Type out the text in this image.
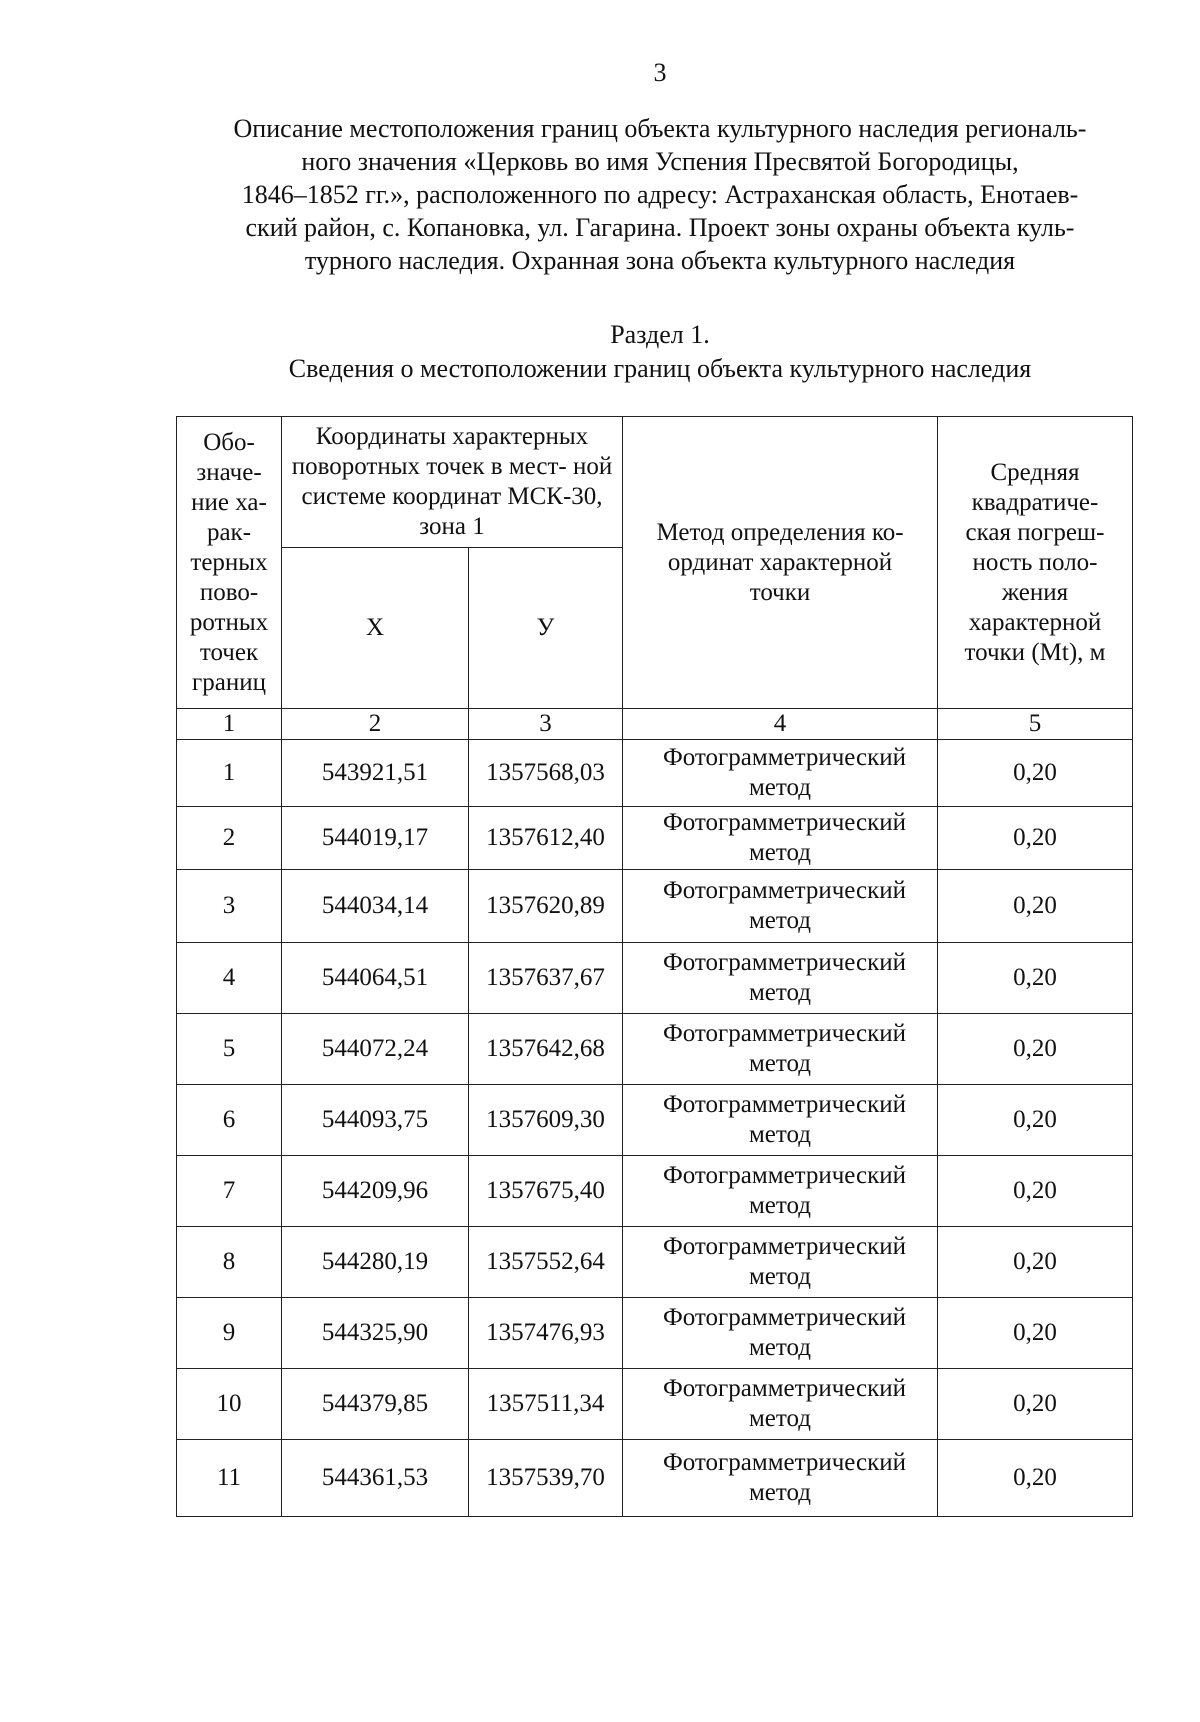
3
Описание местоположения границ объекта культурного наследия региональ-
ного значения «Церковь во имя Успения Пресвятой Богородицы,
1846–1852 гг.», расположенного по адресу: Астраханская область, Енотаев-
ский район, с. Копановка, ул. Гагарина. Проект зоны охраны объекта куль-
турного наследия. Охранная зона объекта культурного наследия
Раздел 1.
Сведения о местоположении границ объекта культурного наследия
Обо- значе- ние ха- рак- терных пово- ротных точек границ	Координаты характерных поворотных точек в мест- ной системе координат МСК-30, зона 1		Метод определения ко- ординат характерной точки	Средняя квадратиче- ская погреш- ность поло- жения характерной точки (Mt), м

	Х	У		
1	2	3	4	5
1	543921,51	1357568,03	Фотограмметрический метод	0,20
2	544019,17	1357612,40	Фотограмметрический метод	0,20
3	544034,14	1357620,89	Фотограмметрический метод	0,20
4	544064,51	1357637,67	Фотограмметрический метод	0,20
5	544072,24	1357642,68	Фотограмметрический метод	0,20
6	544093,75	1357609,30	Фотограмметрический метод	0,20
7	544209,96	1357675,40	Фотограмметрический метод	0,20
8	544280,19	1357552,64	Фотограмметрический метод	0,20
9	544325,90	1357476,93	Фотограмметрический метод	0,20
10	544379,85	1357511,34	Фотограмметрический метод	0,20
11	544361,53	1357539,70	Фотограмметрический метод	0,20
